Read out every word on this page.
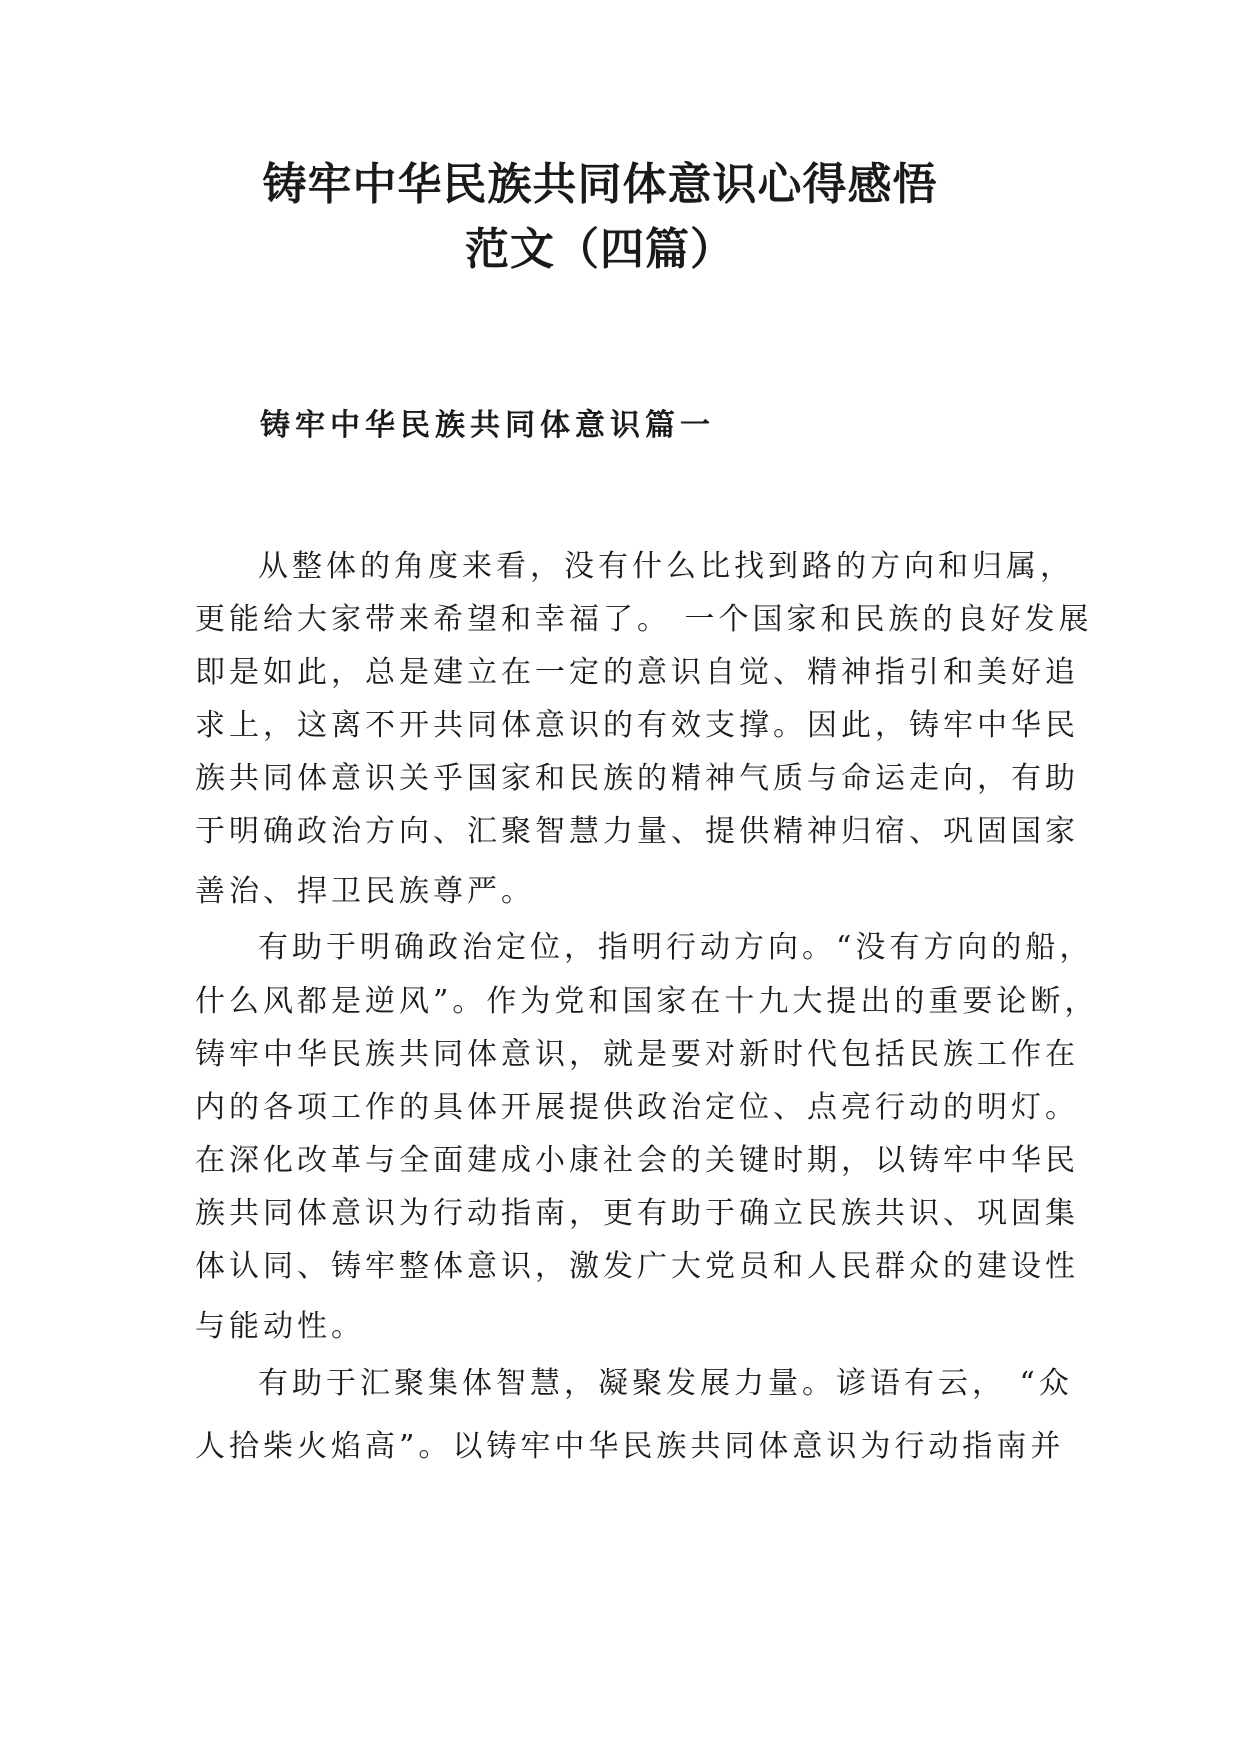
铸牢中华民族共同体意识心得感悟
范文（四篇）
铸牢中华民族共同体意识篇一

从整体的角度来看，没有什么比找到路的方向和归属，

更能给大家带来希望和幸福了。 一个国家和民族的良好发展

即是如此，总是建立在一定的意识自觉、精神指引和美好追

求上，这离不开共同体意识的有效支撑。因此，铸牢中华民

族共同体意识关乎国家和民族的精神气质与命运走向，有助

于明确政治方向、汇聚智慧力量、提供精神归宿、巩固国家

善治、捍卫民族尊严。

有助于明确政治定位，指明行动方向。“没有方向的船，

什么风都是逆风”。作为党和国家在十九大提出的重要论断，

铸牢中华民族共同体意识，就是要对新时代包括民族工作在

内的各项工作的具体开展提供政治定位、点亮行动的明灯。

在深化改革与全面建成小康社会的关键时期，以铸牢中华民

族共同体意识为行动指南，更有助于确立民族共识、巩固集

体认同、铸牢整体意识，激发广大党员和人民群众的建设性

与能动性。

有助于汇聚集体智慧，凝聚发展力量。谚语有云， “众

人拾柴火焰高”。以铸牢中华民族共同体意识为行动指南并
